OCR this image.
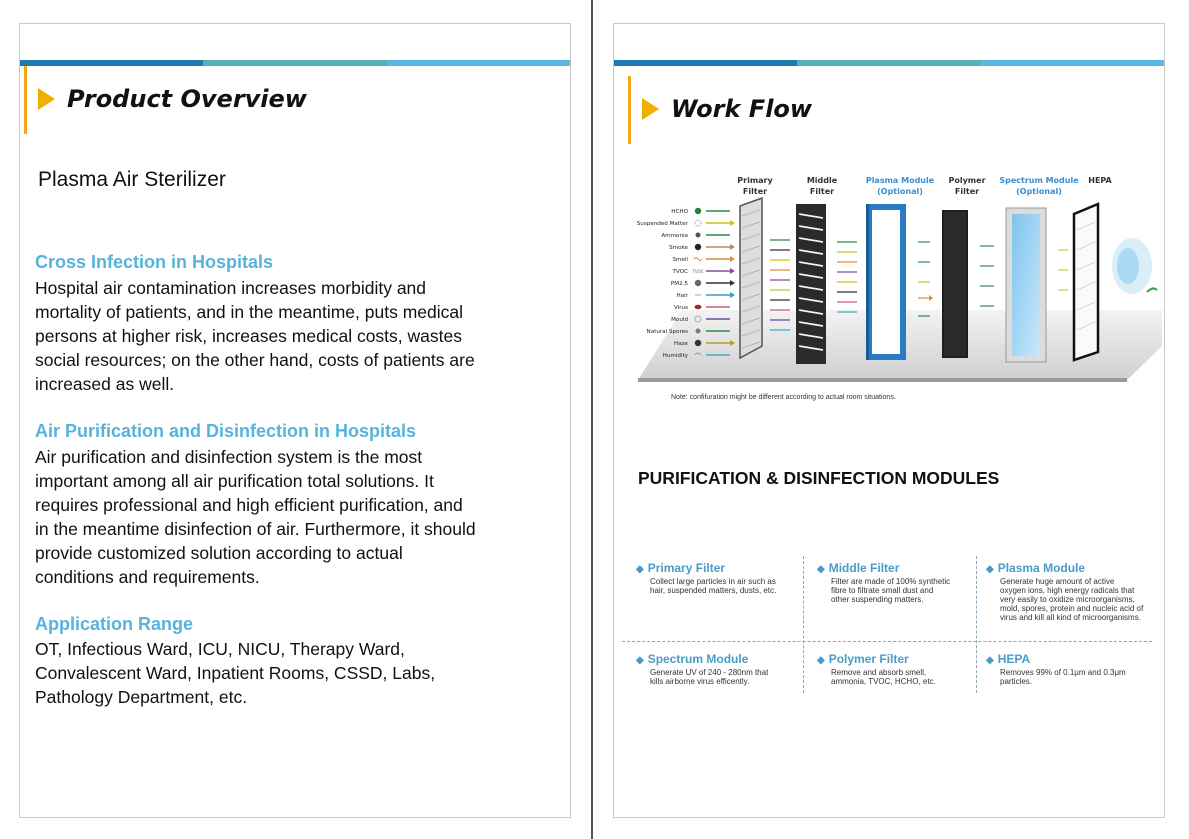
Product Overview
Plasma Air Sterilizer
Cross Infection in Hospitals
Hospital air contamination increases morbidity and
mortality of patients, and in the meantime, puts medical
persons at higher risk, increases medical costs, wastes
social resources; on the other hand, costs of patients are
increased as well.
Air Purification and Disinfection in Hospitals
Air purification and disinfection system is the most
important among all air purification total solutions. It
requires professional and high efficient purification, and
in the meantime disinfection of air. Furthermore, it should
provide customized solution according to actual
conditions and requirements.
Application Range
OT, Infectious Ward, ICU, NICU, Therapy Ward,
Convalescent Ward, Inpatient Rooms, CSSD, Labs,
Pathology Department, etc.
Work Flow
Primary
Filter
Middle
Filter
Plasma Module
(Optional)
Polymer
Filter
Spectrum Module
(Optional)
HEPA
HCHO
Suspended Matter
Ammonia
Smoke
Smell
TVOC
PM2.5
Hair
Virus
Mould
Natural Spores
Haze
Humidity
TVOC
Note: confifuration might be different according to actual room situations.
PURIFICATION & DISINFECTION MODULES
◆ Primary Filter
Collect large particles in air such as
hair, suspended matters, dusts, etc.
◆ Middle Filter
Filter are made of 100% synthetic
fibre to filtrate small dust and
other suspending matters.
◆ Plasma Module
Generate huge amount of active
oxygen ions, high energy radicals that
very easily to oxidize microorganisms,
mold, spores, protein and nucleic acid of
virus and kill all kind of microorganisms.
◆ Spectrum Module
Generate UV of 240 - 280nm that
kills airborne virus efficently.
◆ Polymer Filter
Remove and absorb smell,
ammonia, TVOC, HCHO, etc.
◆ HEPA
Removes 99% of 0.1μm and 0.3μm
particles.
